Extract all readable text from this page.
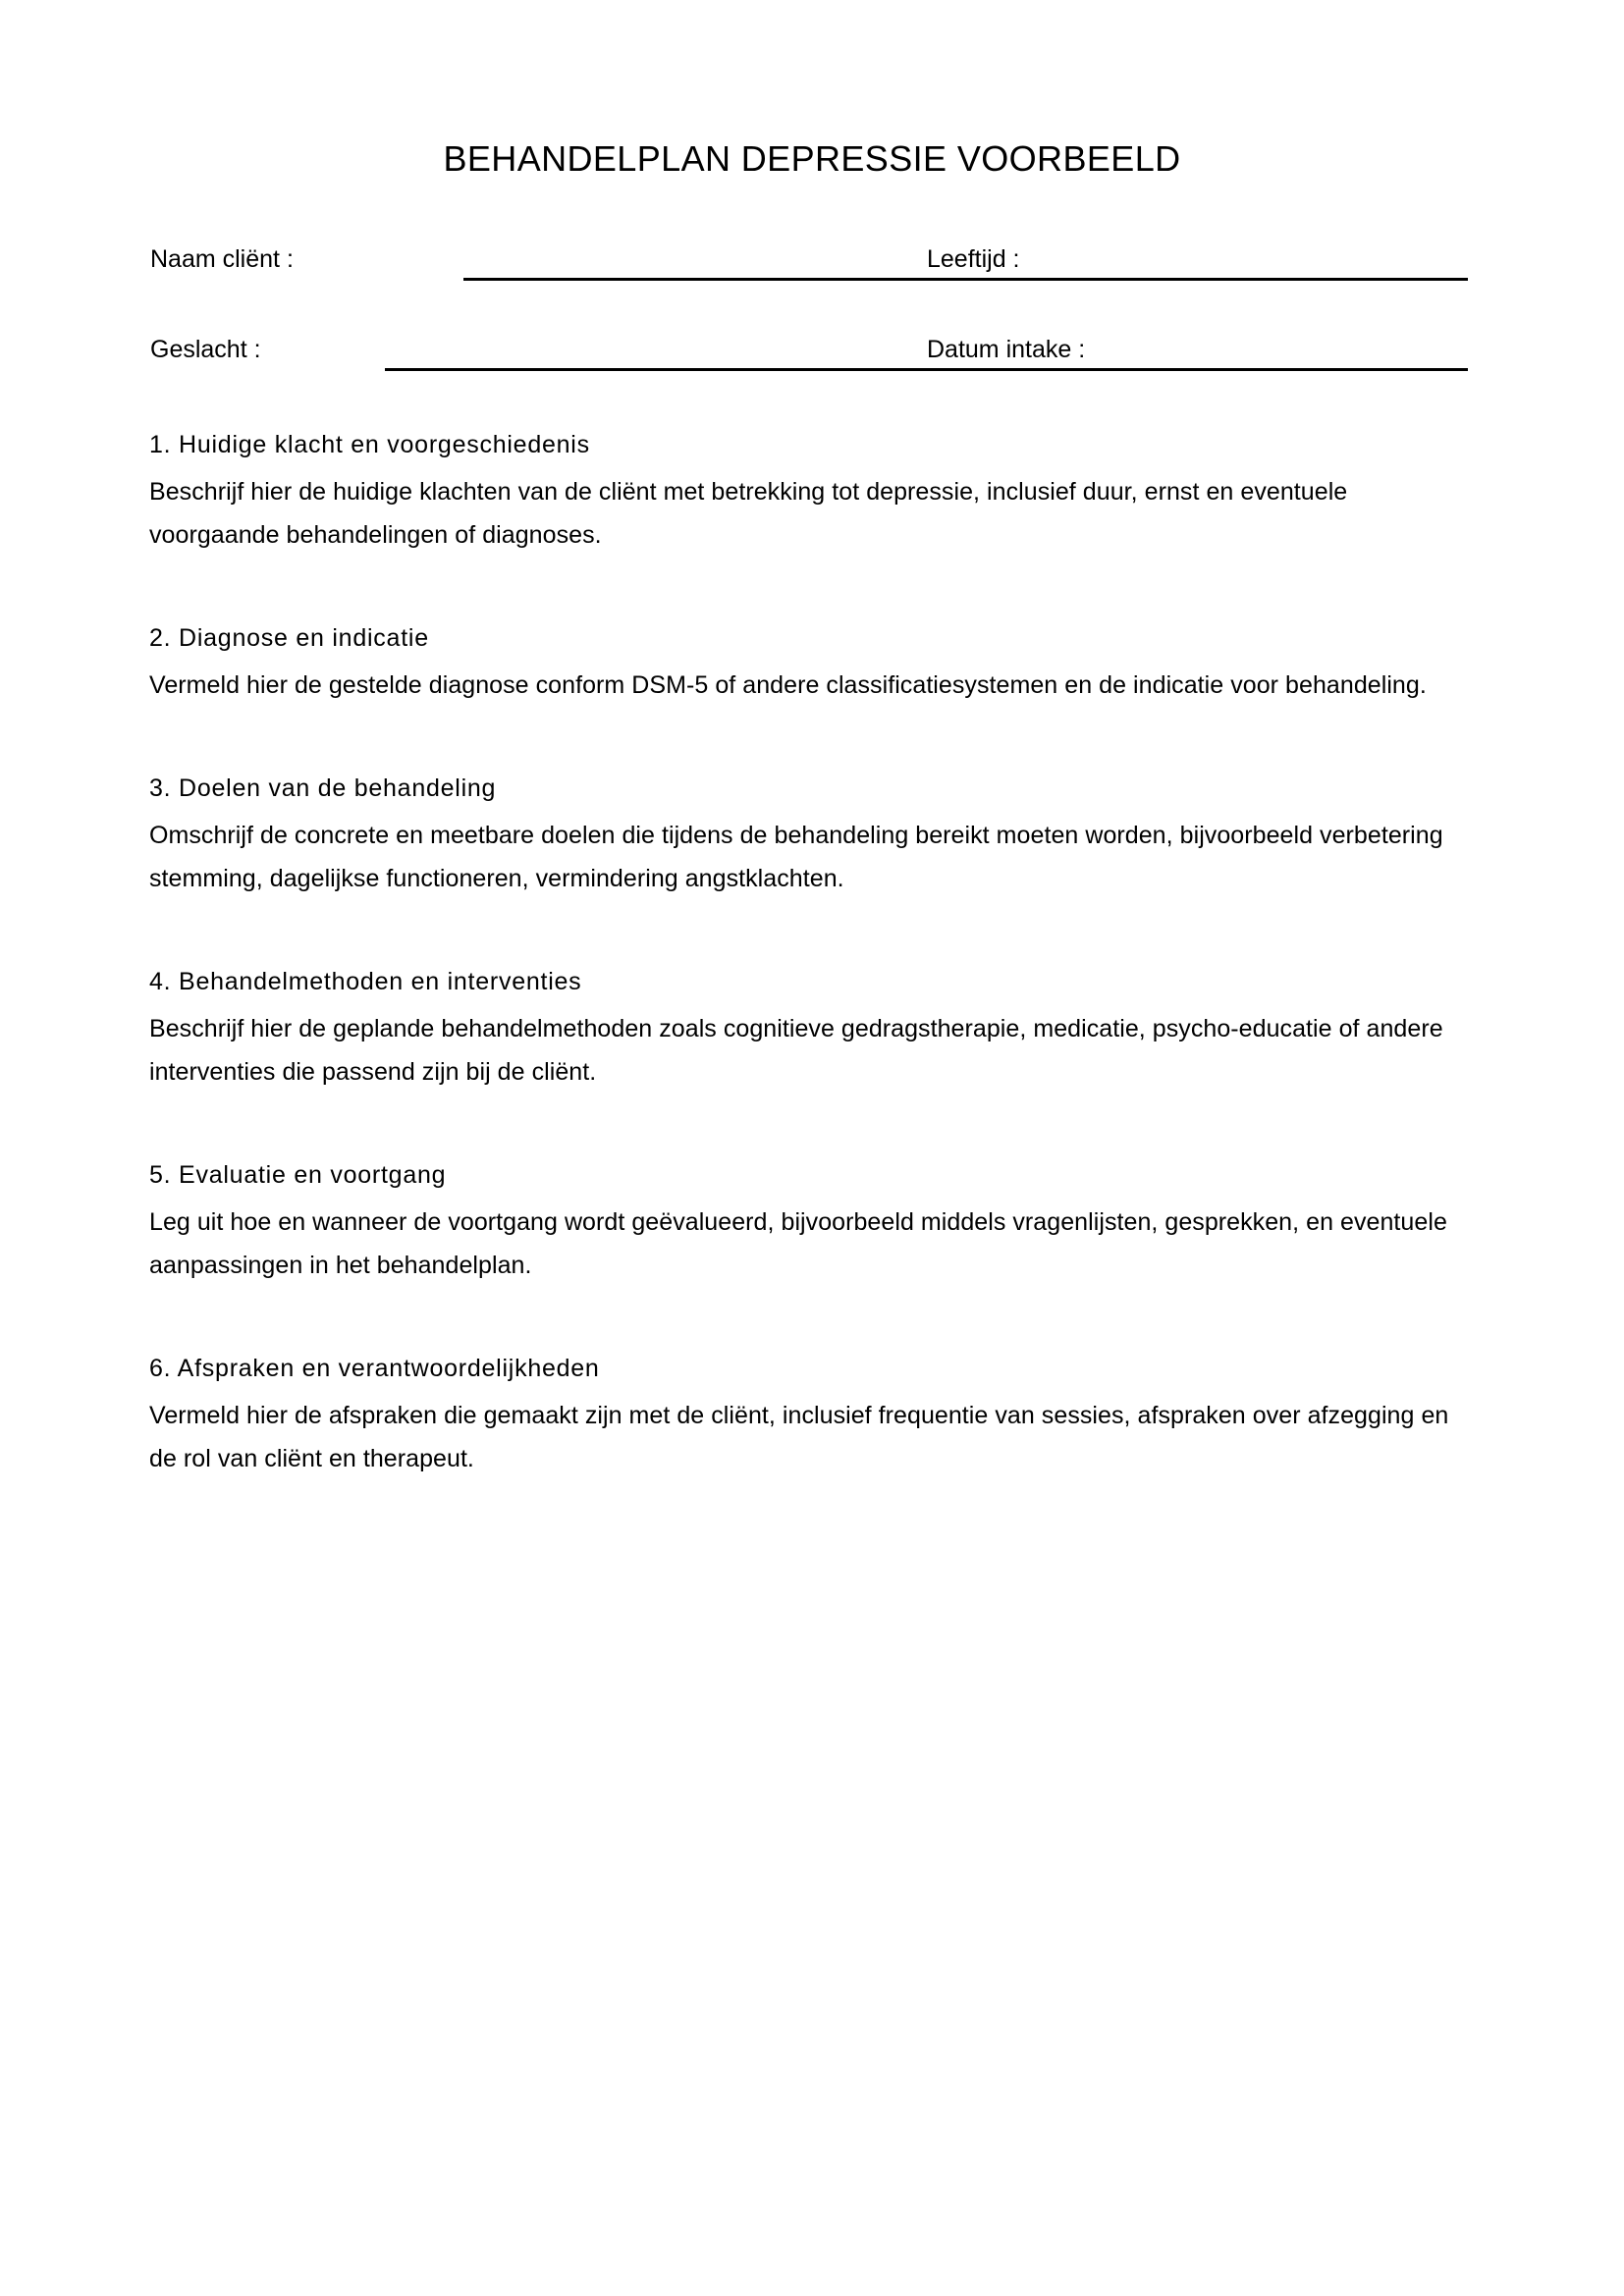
BEHANDELPLAN DEPRESSIE VOORBEELD
Naam cliënt :	Leeftijd :
Geslacht :	Datum intake :

1. Huidige klacht en voorgeschiedenis

Beschrijf hier de huidige klachten van de cliënt met betrekking tot depressie, inclusief duur, ernst en eventuele voorgaande behandelingen of diagnoses.

2. Diagnose en indicatie

Vermeld hier de gestelde diagnose conform DSM-5 of andere classificatiesystemen en de indicatie voor behandeling.

3. Doelen van de behandeling

Omschrijf de concrete en meetbare doelen die tijdens de behandeling bereikt moeten worden, bijvoorbeeld verbetering stemming, dagelijkse functioneren, vermindering angstklachten.

4. Behandelmethoden en interventies

Beschrijf hier de geplande behandelmethoden zoals cognitieve gedragstherapie, medicatie, psycho-educatie of andere interventies die passend zijn bij de cliënt.

5. Evaluatie en voortgang

Leg uit hoe en wanneer de voortgang wordt geëvalueerd, bijvoorbeeld middels vragenlijsten, gesprekken, en eventuele aanpassingen in het behandelplan.

6. Afspraken en verantwoordelijkheden

Vermeld hier de afspraken die gemaakt zijn met de cliënt, inclusief frequentie van sessies, afspraken over afzegging en de rol van cliënt en therapeut.
